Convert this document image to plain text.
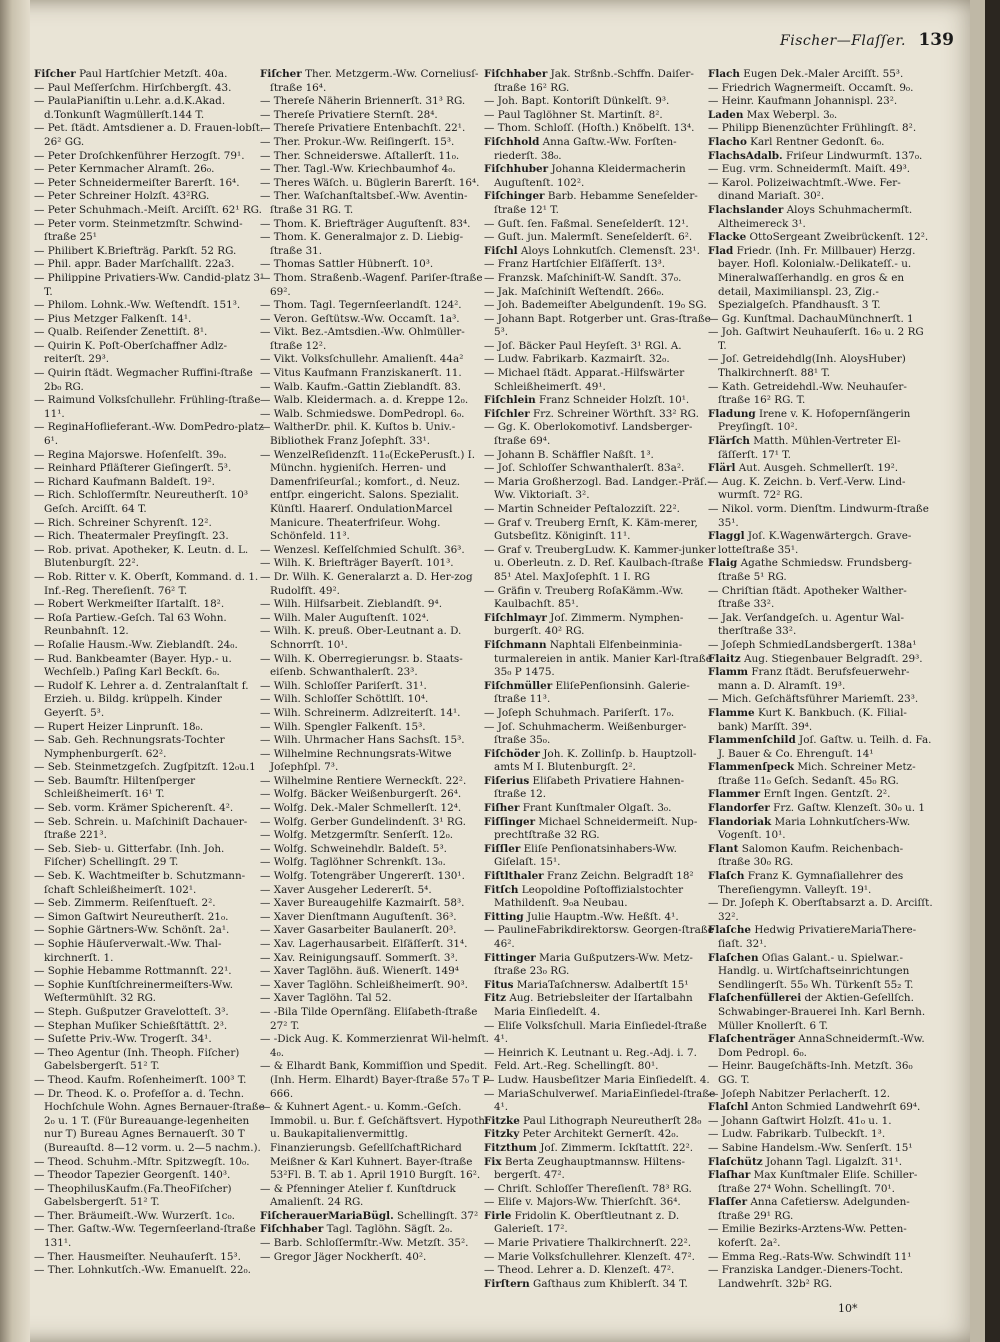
Fischer—Flaſſer. 139
Fiſcher Paul Hartſchier Metzſt. 40a.
— Paul Meſſerſchm. Hirſchbergſt. 43.
— PaulaPianiſtin u.Lehr. a.d.K.Akad. d.Tonkunſt Wagmüllerſt.144 T.
— Pet. ſtädt. Amtsdiener a. D. Frauen-lobſt. 26² GG.
— Peter Droſchkenführer Herzogſt. 79¹.
— Peter Kernmacher Alramſt. 26₀.
— Peter Schneidermeiſter Barerſt. 16⁴.
— Peter Schreiner Holzſt. 43²RG.
— Peter Schuhmach.-Meiſt. Arciſſt. 62¹ RG.
— Peter vorm. Steinmetzmſtr. Schwind-ſtraße 25¹
— Philibert K.Briefträg. Parkſt. 52 RG.
— Phil. appr. Bader Marſchallſt. 22a3.
— Philippine Privatiers-Ww. Candid-platz 3¹ T.
— Philom. Lohnk.-Ww. Weſtendſt. 151³.
— Pius Metzger Falkenſt. 14¹.
— Qualb. Reiſender Zenettiſt. 8¹.
— Quirin K. Poſt-Oberſchaffner Adlz-reiterſt. 29³.
— Quirin ſtädt. Wegmacher Ruffini-ſtraße 2b₀ RG.
— Raimund Volksſchullehr. Frühling-ſtraße 11¹.
— ReginaHoflieferant.-Ww. DomPedro-platz 6¹.
— Regina Majorswe. Hoſenſelſt. 39₀.
— Reinhard Pfläſterer Gieſingerſt. 5³.
— Richard Kaufmann Baldeſt. 19².
— Rich. Schloſſermſtr. Neureutherſt. 10³ Geſch. Arciſſt. 64 T.
— Rich. Schreiner Schyrenſt. 12².
— Rich. Theatermaler Preyſingſt. 23.
— Rob. privat. Apotheker, K. Leutn. d. L. Blutenburgſt. 22².
— Rob. Ritter v. K. Oberſt, Kommand. d. 1. Inf.-Reg. Thereſienſt. 76² T.
— Robert Werkmeiſter Iſartalſt. 18².
— Roſa Partiew.-Geſch. Tal 63 Wohn. Reunbahnſt. 12.
— Roſalie Hausm.-Ww. Zieblandſt. 24₀.
— Rud. Bankbeamter (Bayer. Hyp.- u. Wechſelb.) Paſing Karl Beckſt. 6₀.
— Rudolf K. Lehrer a. d. Zentralanſtalt f. Erzieh. u. Bildg. krüppelh. Kinder Geyerſt. 5³.
— Rupert Heizer Linprunſt. 18₀.
— Sab. Geh. Rechnungsrats-Tochter Nymphenburgerſt. 62².
— Seb. Steinmetzgeſch. Zugſpitzſt. 12₀u.1
— Seb. Baumſtr. Hiltenſperger Schleißheimerſt. 16¹ T.
— Seb. vorm. Krämer Spicherenſt. 4².
— Seb. Schrein. u. Maſchiniſt Dachauer-ſtraße 221³.
— Seb. Sieb- u. Gitterfabr. (Inh. Joh. Fiſcher) Schellingſt. 29 T.
— Seb. K. Wachtmeiſter b. Schutzmann-ſchaft Schleißheimerſt. 102¹.
— Seb. Zimmerm. Reiſenſtueſt. 2².
— Simon Gaſtwirt Neureutherſt. 21₀.
— Sophie Gärtners-Ww. Schönſt. 2a¹.
— Sophie Häuſerverwalt.-Ww. Thal-kirchnerſt. 1.
— Sophie Hebamme Rottmannſt. 22¹.
— Sophie Kunſtſchreinermeiſters-Ww. Weſtermühlſt. 32 RG.
— Steph. Gußputzer Gravelotteſt. 3³.
— Stephan Muſiker Schießſtättſt. 2³.
— Suſette Priv.-Ww. Trogerſt. 34¹.
— Theo Agentur (Inh. Theoph. Fiſcher) Gabelsbergerſt. 51² T.
— Theod. Kaufm. Roſenheimerſt. 100³ T.
— Dr. Theod. K. o. Profeſſor a. d. Techn. Hochſchule Wohn. Agnes Bernauer-ſtraße 2₀ u. 1 T. (Für Bureauange-legenheiten nur T) Bureau Agnes Bernauerſt. 30 T (Bureauſtd. 8—12 vorm. u. 2—5 nachm.).
— Theod. Schuhm.-Mſtr. Spitzwegſt. 10₀.
— Theodor Tapezier Georgenſt. 140³.
— TheophilusKaufm.(Fa.TheoFiſcher) Gabelsbergerſt. 51² T.
— Ther. Bräumeiſt.-Ww. Wurzerſt. 1c₀.
— Ther. Gaſtw.-Ww. Tegernſeerland-ſtraße 131¹.
— Ther. Hausmeiſter. Neuhauſerſt. 15³.
— Ther. Lohnkutſch.-Ww. Emanuelſt. 22₀.
Fiſcher Ther. Metzgerm.-Ww. Corneliusſ-ſtraße 16⁴.
— Thereſe Näherin Briennerſt. 31³ RG.
— Thereſe Privatiere Sternſt. 28⁴.
— Thereſe Privatiere Entenbachſt. 22¹.
— Ther. Prokur.-Ww. Reiſingerſt. 15³.
— Ther. Schneiderswe. Aſtallerſt. 11₀.
— Ther. Tagl.-Ww. Kriechbaumhof 4₀.
— Theres Wäſch. u. Büglerin Barerſt. 16⁴.
— Ther. Waſchanſtaltsbeſ.-Ww. Aventin-ſtraße 31 RG. T.
— Thom. K. Briefträger Auguſtenſt. 83⁴.
— Thom. K. Generalmajor z. D. Liebig-ſtraße 31.
— Thomas Sattler Hübnerſt. 10³.
— Thom. Straßenb.-Wagenf. Pariſer-ſtraße 69².
— Thom. Tagl. Tegernſeerlandſt. 124².
— Veron. Geſtütsw.-Ww. Occamſt. 1a³.
— Vikt. Bez.-Amtsdien.-Ww. Ohlmüller-ſtraße 12².
— Vikt. Volksſchullehr. Amalienſt. 44a²
— Vitus Kaufmann Franziskanerſt. 11.
— Walb. Kaufm.-Gattin Zieblandſt. 83.
— Walb. Kleidermach. a. d. Kreppe 12₀.
— Walb. Schmiedswe. DomPedropl. 6₀.
— WaltherDr. phil. K. Kuſtos b. Univ.-Bibliothek Franz Joſephſt. 33¹.
— WenzelReſidenzſt. 11₀(EckePerusſt.) I. Münchn. hygieniſch. Herren- und Damenfriſeurſal.; komfort., d. Neuz. entſpr. eingericht. Salons. Spezialit. Künſtl. Haarerſ. OndulationMarcel Manicure. Theaterfriſeur. Wohg. Schönfeld. 11³.
— Wenzesl. Keſſelſchmied Schulſt. 36³.
— Wilh. K. Briefträger Bayerſt. 101³.
— Dr. Wilh. K. Generalarzt a. D. Her-zog Rudolfſt. 49².
— Wilh. Hilfsarbeit. Zieblandſt. 9⁴.
— Wilh. Maler Auguſtenſt. 102⁴.
— Wilh. K. preuß. Ober-Leutnant a. D. Schnorrſt. 10¹.
— Wilh. K. Oberregierungsr. b. Staats-eiſenb. Schwanthalerſt. 23³.
— Wilh. Schloſſer Pariſerſt. 31¹.
— Wilh. Schloſſer Schöttlſt. 10⁴.
— Wilh. Schreinerm. Adlzreiterſt. 14¹.
— Wilh. Spengler Falkenſt. 15³.
— Wilh. Uhrmacher Hans Sachsſt. 15³.
— Wilhelmine Rechnungsrats-Witwe Joſephſpl. 7³.
— Wilhelmine Rentiere Werneckſt. 22².
— Wolfg. Bäcker Weißenburgerſt. 26⁴.
— Wolfg. Dek.-Maler Schmellerſt. 12⁴.
— Wolfg. Gerber Gundelindenſt. 3¹ RG.
— Wolfg. Metzgermſtr. Senſerſt. 12₀.
— Wolfg. Schweinehdlr. Baldeſt. 5³.
— Wolfg. Taglöhner Schrenkſt. 13₀.
— Wolfg. Totengräber Ungererſt. 130¹.
— Xaver Ausgeher Ledererſt. 5⁴.
— Xaver Bureaugehilfe Kazmairſt. 58³.
— Xaver Dienſtmann Auguſtenſt. 36³.
— Xaver Gasarbeiter Baulanerſt. 20³.
— Xav. Lagerhausarbeit. Elſäſſerſt. 31⁴.
— Xav. Reinigungsaufſ. Sommerſt. 3³.
— Xaver Taglöhn. äuß. Wienerſt. 149⁴
— Xaver Taglöhn. Schleißheimerſt. 90³.
— Xaver Taglöhn. Tal 52.
— -Bila Tilde Opernſäng. Eliſabeth-ſtraße 27² T.
— -Dick Aug. K. Kommerzienrat Wil-helmſt. 4₀.
— & Elhardt Bank, Kommiſſion und Spedit. (Inh. Herm. Elhardt) Bayer-ſtraße 57₀ T P 666.
— & Kuhnert Agent.- u. Komm.-Geſch. Immobil. u. Bur. f. Geſchäftsvert. Hypoth. u. Baukapitalienvermittlg. Finanzierungsb. GeſellſchaftRichard Meißner & Karl Kuhnert. Bayer-ſtraße 53²Fl. B. T. ab 1. April 1910 Burgſt. 16².
— & Pfenninger Atelier f. Kunſtdruck Amalienſt. 24 RG.
FiſcherauerMariaBügl. Schellingſt. 37²
Fiſchhaber Tagl. Taglöhn. Sägſt. 2₀.
— Barb. Schloſſermſtr.-Ww. Metzſt. 35².
— Gregor Jäger Nockherſt. 40².
Fiſchhaber Jak. Strßnb.-Schffn. Daiſer-ſtraße 16² RG.
— Joh. Bapt. Kontoriſt Dünkelſt. 9³.
— Paul Taglöhner St. Martinſt. 8².
— Thom. Schloſſ. (Hoſth.) Knöbelſt. 13⁴.
Fiſchhold Anna Gaſtw.-Ww. Forſten-riederſt. 38₀.
Fiſchhuber Johanna Kleidermacherin Auguſtenſt. 102².
Fiſchinger Barb. Hebamme Seneſelder-ſtraße 12¹ T.
— Guſt. ſen. Faßmal. Seneſelderſt. 12¹.
— Guſt. jun. Malermſt. Seneſelderſt. 6².
Fiſchl Aloys Lohnkutſch. Clemensſt. 23¹.
— Franz Hartſchier Elſäſſerſt. 13³.
— Franzsk. Maſchiniſt-W. Sandſt. 37₀.
— Jak. Maſchiniſt Weſtendſt. 266₀.
— Joh. Bademeiſter Abelgundenſt. 19₀ SG.
— Johann Bapt. Rotgerber unt. Gras-ſtraße 5³.
— Joſ. Bäcker Paul Heyſeſt. 3¹ RGl. A.
— Ludw. Fabrikarb. Kazmairſt. 32₀.
— Michael ſtädt. Apparat.-Hilfswärter Schleißheimerſt. 49¹.
Fiſchlein Franz Schneider Holzſt. 10¹.
Fiſchler Frz. Schreiner Wörthſt. 33² RG.
— Gg. K. Oberlokomotivf. Landsberger-ſtraße 69⁴.
— Johann B. Schäffler Naßſt. 1³.
— Joſ. Schloſſer Schwanthalerſt. 83a².
— Maria Großherzogl. Bad. Landger.-Präſ.-Ww. Viktoriaſt. 3².
— Martin Schneider Peſtalozziſt. 22².
— Graf v. Treuberg Ernſt, K. Käm-merer, Gutsbeſitz. Königinſt. 11¹.
— Graf v. TreubergLudw. K. Kammer-junker u. Oberleutn. z. D. Reſ. Kaulbach-ſtraße 85¹ Atel. MaxJoſephſt. 1 I. RG
— Gräfin v. Treuberg RoſaKämm.-Ww. Kaulbachſt. 85¹.
Fiſchlmayr Joſ. Zimmerm. Nymphen-burgerſt. 40² RG.
Fiſchmann Naphtali Elfenbeinminia-turmalereien in antik. Manier Karl-ſtraße 35₀ P 1475.
Fiſchmüller EliſePenſionsinh. Galerie-ſtraße 11³.
— Joſeph Schuhmach. Pariſerſt. 17₀.
— Joſ. Schuhmacherm. Weißenburger-ſtraße 35₀.
Fiſchöder Joh. K. Zollinſp. b. Hauptzoll-amts M I. Blutenburgſt. 2².
Fiſerius Eliſabeth Privatiere Hahnen-ſtraße 12.
Fiſher Frant Kunſtmaler Olgaſt. 3₀.
Fiſſinger Michael Schneidermeiſt. Nup-prechtſtraße 32 RG.
Fiſſler Eliſe Penſionatsinhabers-Ww. Giſelaſt. 15¹.
Fiſtlthaler Franz Zeichn. Belgradſt 18²
Fitſch Leopoldine Poſtoffizialstochter Mathildenſt. 9₀a Neubau.
Fitting Julie Hauptm.-Ww. Heßſt. 4¹.
— PaulineFabrikdirektorsw. Georgen-ſtraße 46².
Fittinger Maria Gußputzers-Ww. Metz-ſtraße 23₀ RG.
Fitus MariaTaſchnersw. Adalbertſt 15¹
Fitz Aug. Betriebsleiter der Iſartalbahn Maria Einſiedelſt. 4.
— Eliſe Volksſchull. Maria Einſiedel-ſtraße 4¹.
— Heinrich K. Leutnant u. Reg.-Adj. i. 7. Feld. Art.-Reg. Schellingſt. 80¹.
— Ludw. Hausbeſitzer Maria Einſiedelſt. 4.
— MariaSchulverweſ. MariaEinſiedel-ſtraße 4¹.
Fitzke Paul Lithograph Neureutherſt 28₀
Fitzky Peter Architekt Gernerſt. 42₀.
Fitzthum Joſ. Zimmerm. Ickſtattſt. 22².
Fix Berta Zeughauptmannsw. Hiltens-bergerſt. 47².
— Chriſt. Schloſſer Thereſienſt. 78³ RG.
— Eliſe v. Majors-Ww. Thierſchſt. 36⁴.
Firle Fridolin K. Oberſtleutnant z. D. Galerieſt. 17².
— Marie Privatiere Thalkirchnerſt. 22².
— Marie Volksſchullehrer. Klenzeſt. 47².
— Theod. Lehrer a. D. Klenzeſt. 47².
Firſtern Gaſthaus zum Khiblerſt. 34 T.
Flach Eugen Dek.-Maler Arciſſt. 55³.
— Friedrich Wagnermeiſt. Occamſt. 9₀.
— Heinr. Kaufmann Johannispl. 23².
Laden Max Weberpl. 3₀.
— Philipp Bienenzüchter Frühlingſt. 8².
Flacho Karl Rentner Gedonſt. 6₀.
FlachsAdalb. Friſeur Lindwurmſt. 137₀.
— Eug. vrm. Schneidermſt. Maiſt. 49³.
— Karol. Polizeiwachtmſt.-Wwe. Fer-dinand Mariaſt. 30².
Flachslander Aloys Schuhmachermſt. Altheimereck 3¹.
Flacke OttoSergeant Zweibrückenſt. 12².
Flad Friedr. (Inh. Fr. Millbauer) Herzg. bayer. Hofl. Kolonialw.-Delikateſſ.- u. Mineralwaſſerhandlg. en gros & en detail, Maximilianspl. 23, Zig.- Spezialgeſch. Pfandhausſt. 3 T.
— Gg. Kunſtmal. DachauMünchnerſt. 1
— Joh. Gaſtwirt Neuhauſerſt. 16₀ u. 2 RG T.
— Joſ. Getreidehdlg(Inh. AloysHuber) Thalkirchnerſt. 88¹ T.
— Kath. Getreidehdl.-Ww. Neuhauſer-ſtraße 16² RG. T.
Fladung Irene v. K. Hofopernſängerin Preyſingſt. 10².
Flärſch Matth. Mühlen-Vertreter El-ſäſſerſt. 17¹ T.
Flärl Aut. Ausgeh. Schmellerſt. 19².
— Aug. K. Zeichn. b. Verf.-Verw. Lind-wurmſt. 72² RG.
— Nikol. vorm. Dienſtm. Lindwurm-ſtraße 35¹.
Flaggl Joſ. K.Wagenwärtergch. Grave-lotteſtraße 35¹.
Flaig Agathe Schmiedsw. Frundsberg-ſtraße 5¹ RG.
— Chriſtian ſtädt. Apotheker Walther-ſtraße 33².
— Jak. Verſandgeſch. u. Agentur Wal-therſtraße 33².
— Joſeph SchmiedLandsbergerſt. 138a¹
Flaitz Aug. Stiegenbauer Belgradſt. 29³.
Flamm Franz ſtädt. Berufsfeuerwehr-mann a. D. Alramſt. 19³.
— Mich. Geſchäftsführer Mariemſt. 23³.
Flamme Kurt K. Bankbuch. (K. Filial-bank) Marſſt. 39⁴.
Flammenſchild Joſ. Gaſtw. u. Teilh. d. Fa. J. Bauer & Co. Ehrenguſt. 14¹
Flammenſpeck Mich. Schreiner Metz-ſtraße 11₀ Geſch. Sedanſt. 45₀ RG.
Flammer Ernſt Ingen. Gentzſt. 2².
Flandorfer Frz. Gaſtw. Klenzeſt. 30₀ u. 1
Flandoriak Maria Lohnkutſchers-Ww. Vogenſt. 10¹.
Flant Salomon Kaufm. Reichenbach-ſtraße 30₀ RG.
Flaſch Franz K. Gymnaſiallehrer des Thereſiengymn. Valleyſt. 19¹.
— Dr. Joſeph K. Oberſtabsarzt a. D. Arciſſt. 32².
Flaſche Hedwig PrivatiereMariaThere-ſiaſt. 32¹.
Flaſchen Oſias Galant.- u. Spielwar.-Handlg. u. Wirtſchaftseinrichtungen Sendlingerſt. 55₀ Wh. Türkenſt 55₂ T.
Flaſchenfüllerei der Aktien-Geſellſch. Schwabinger-Brauerei Inh. Karl Bernh. Müller Knollerſt. 6 T.
Flaſchenträger AnnaSchneidermſt.-Ww. Dom Pedropl. 6₀.
— Heinr. Baugeſchäfts-Inh. Metzſt. 36₀ GG. T.
— Joſeph Nabitzer Perlacherſt. 12.
Flaſchl Anton Schmied Landwehrſt 69⁴.
— Johann Gaſtwirt Holzſt. 41₀ u. 1.
— Ludw. Fabrikarb. Tulbeckſt. 1³.
— Sabine Handelsm.-Ww. Senſerſt. 15¹
Flaſchütz Johann Tagl. Ligalzſt. 31¹.
Flaſhar Max Kunſtmaler Eliſe. Schiller-ſtraße 27⁴ Wohn. Schellingſt. 70¹.
Flaſſer Anna Cafetiersw. Adelgunden-ſtraße 29¹ RG.
— Emilie Bezirks-Arztens-Ww. Petten-koferſt. 2a².
— Emma Reg.-Rats-Ww. Schwindſt 11¹
— Franziska Landger.-Dieners-Tocht. Landwehrſt. 32b² RG.
10*
